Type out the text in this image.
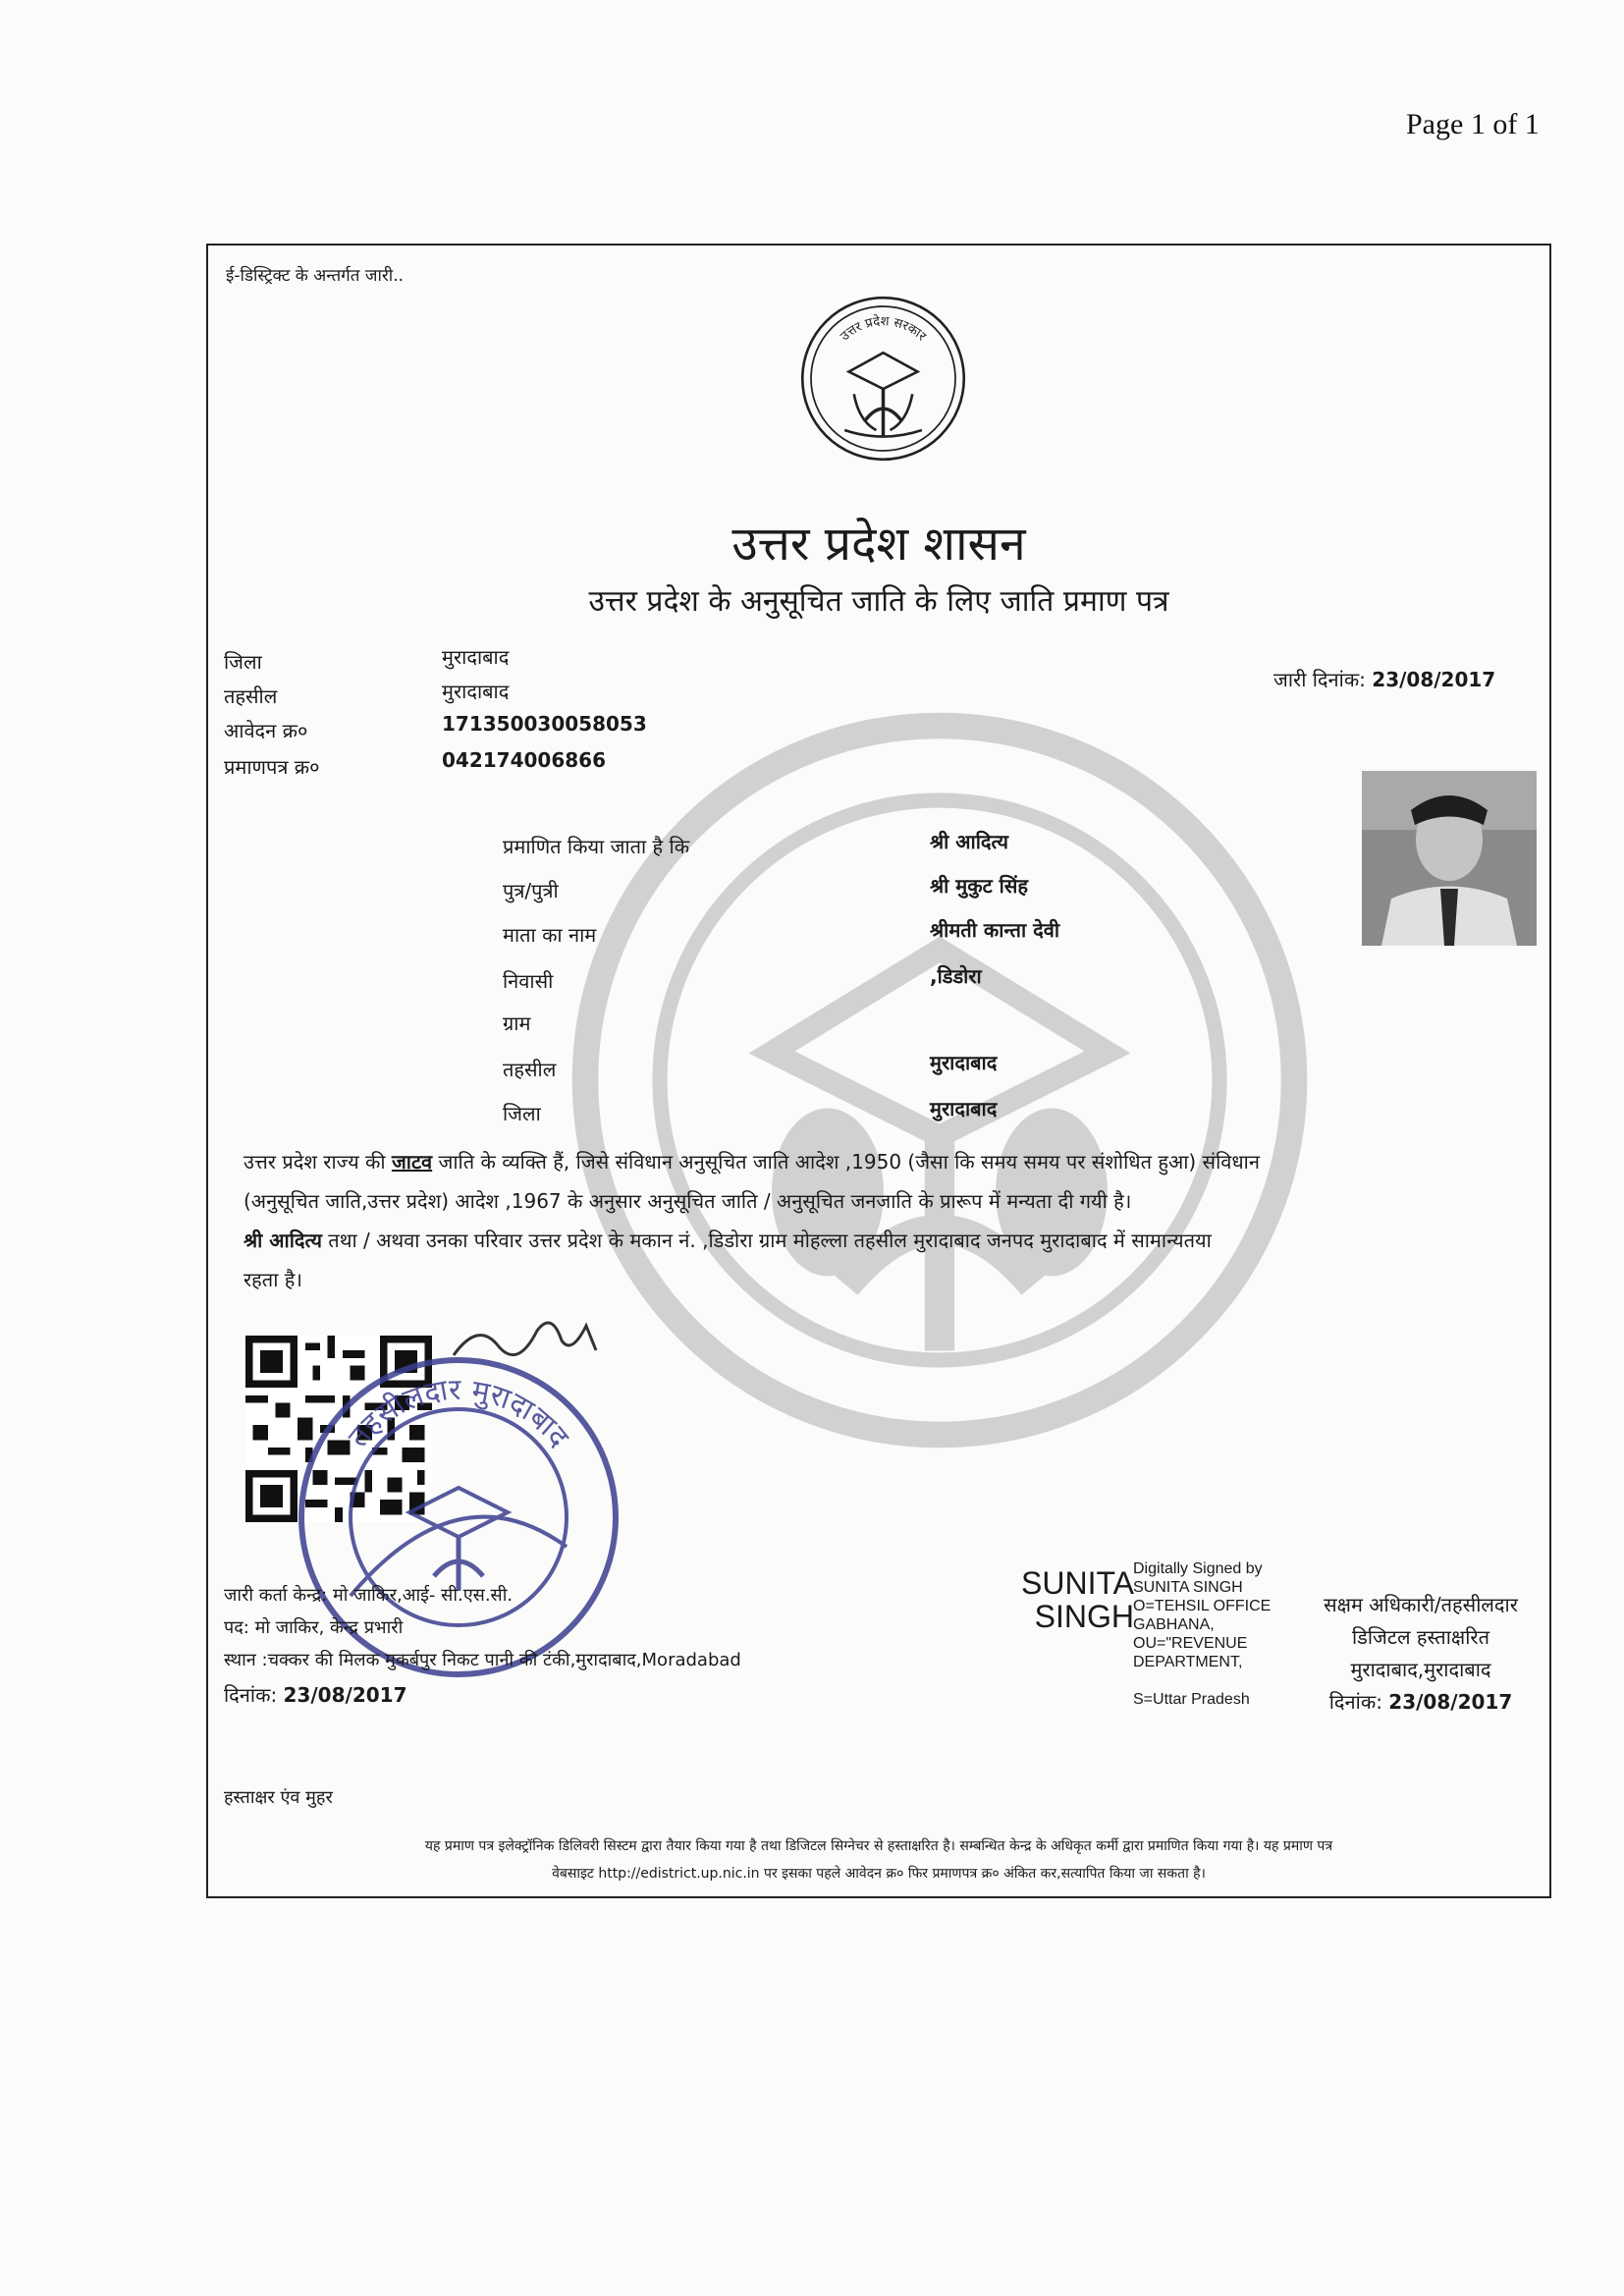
Page 1 of 1
ई-डिस्ट्रिक्ट के अन्तर्गत जारी..
उत्तर प्रदेश सरकार
उत्तर प्रदेश शासन
उत्तर प्रदेश के अनुसूचित जाति के लिए जाति प्रमाण पत्र
जिला	मुरादाबाद
तहसील	मुरादाबाद
आवेदन क्र०	171350030058053
प्रमाणपत्र क्र०	042174006866
जारी दिनांक: 23/08/2017
प्रमाणित किया जाता है कि	श्री आदित्य
पुत्र/पुत्री	श्री मुकुट सिंह
माता का नाम	श्रीमती कान्ता देवी
निवासी	,डिडोरा
ग्राम
तहसील	मुरादाबाद
जिला	मुरादाबाद
उत्तर प्रदेश राज्य की जाटव जाति के व्यक्ति हैं, जिसे संविधान अनुसूचित जाति आदेश ,1950 (जैसा कि समय समय पर संशोधित हुआ) संविधान
(अनुसूचित जाति,उत्तर प्रदेश) आदेश ,1967 के अनुसार अनुसूचित जाति / अनुसूचित जनजाति के प्रारूप में मन्यता दी गयी है।
श्री आदित्य तथा / अथवा उनका परिवार उत्तर प्रदेश के मकान नं. ,डिडोरा ग्राम मोहल्ला तहसील मुरादाबाद जनपद मुरादाबाद में सामान्यतया
रहता है।
तहसीलदार मुरादाबाद
जारी कर्ता केन्द्र: मो जाकिर,आई- सी.एस.सी.
पद: मो जाकिर, केन्द्र प्रभारी
स्थान :चक्कर की मिलक मुकर्बपुर निकट पानी की टंकी,मुरादाबाद,Moradabad
दिनांक: 23/08/2017
SUNITA
SINGH
Digitally Signed by
SUNITA SINGH
O=TEHSIL OFFICE
GABHANA,
OU="REVENUE
DEPARTMENT,
S=Uttar Pradesh
सक्षम अधिकारी/तहसीलदार
डिजिटल हस्ताक्षरित
मुरादाबाद,मुरादाबाद
दिनांक: 23/08/2017
हस्ताक्षर एंव मुहर
यह प्रमाण पत्र इलेक्ट्रॉनिक डिलिवरी सिस्टम द्वारा तैयार किया गया है तथा डिजिटल सिग्नेचर से हस्ताक्षरित है। सम्बन्धित केन्द्र के अधिकृत कर्मी द्वारा प्रमाणित किया गया है। यह प्रमाण पत्र
वेबसाइट http://edistrict.up.nic.in पर इसका पहले आवेदन क्र० फिर प्रमाणपत्र क्र० अंकित कर,सत्यापित किया जा सकता है।
